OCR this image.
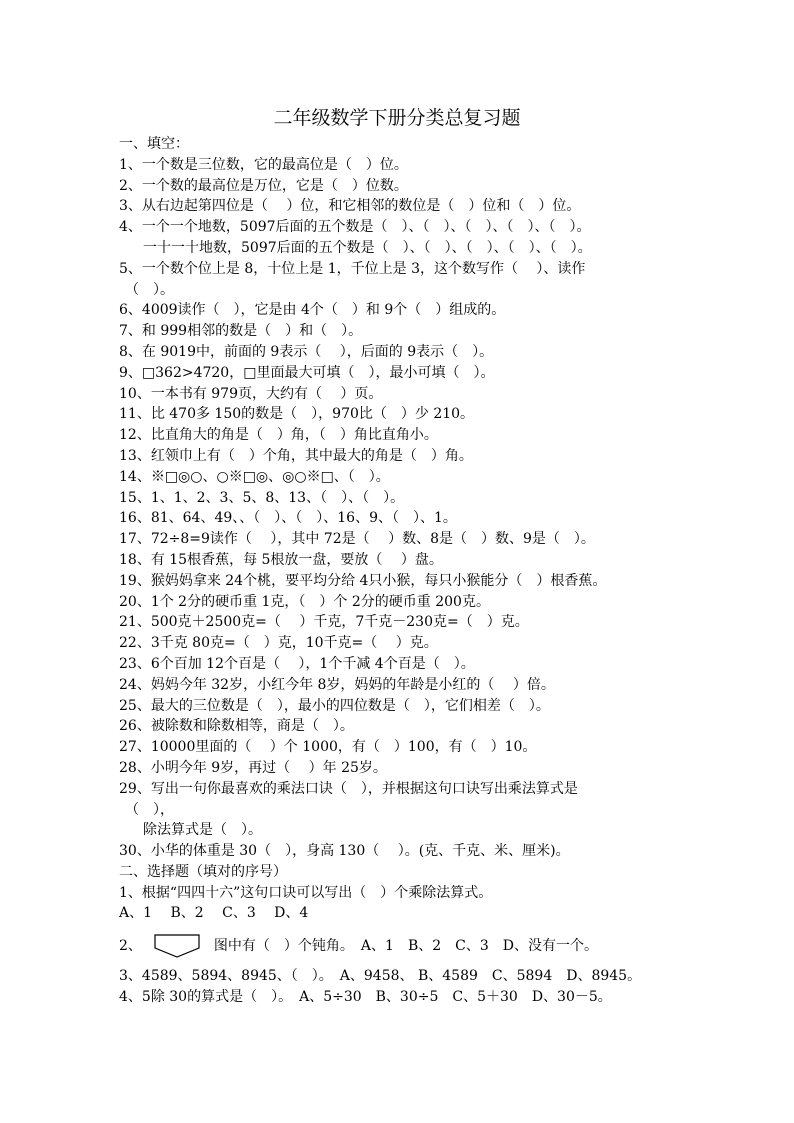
二年级数学下册分类总复习题
一、填空：
1、一个数是三位数，它的最高位是（　）位。
2、一个数的最高位是万位，它是（　）位数。
3、从右边起第四位是（　 ）位，和它相邻的数位是（　）位和（　）位。
4、一个一个地数，5097后面的五个数是（　）、（　）、（　）、（　）、（　）。
一十一十地数，5097后面的五个数是（　）、（　）、（　）、（　）、（　）。
5、一个数个位上是 8，十位上是 1，千位上是 3，这个数写作（　 ）、读作
（　）。
6、4009读作（　），它是由 4个（　）和 9个（　）组成的。
7、和 999相邻的数是（　）和（　）。
8、在 9019中，前面的 9表示（　 ），后面的 9表示（　）。
9、□362>4720，□里面最大可填（　），最小可填（　）。
10、一本书有 979页，大约有（　 ）页。
11、比 470多 150的数是（　），970比（　）少 210。
12、比直角大的角是（　）角，（　）角比直角小。
13、红领巾上有（　）个角，其中最大的角是（　）角。
14、※□◎○、○※□◎、◎○※□、（　）。
15、1、1、2、3、5、8、13、（　）、（　）。
16、81、64、49、、（　）、（　）、16、9、（　）、1。
17、72÷8=9读作（　 ），其中 72是（　 ）数、8是（　）数、9是（　）。
18、有 15根香蕉，每 5根放一盘，要放（　 ）盘。
19、猴妈妈拿来 24个桃，要平均分给 4只小猴，每只小猴能分（　）根香蕉。
20、1个 2分的硬币重 1克，（　）个 2分的硬币重 200克。
21、500克＋2500克=（　 ）千克，7千克－230克=（　）克。
22、3千克 80克=（　）克，10千克=（　 ）克。
23、6个百加 12个百是（　 ），1个千减 4个百是（　）。
24、妈妈今年 32岁，小红今年 8岁，妈妈的年龄是小红的（　 ）倍。
25、最大的三位数是（　），最小的四位数是（　），它们相差（　）。
26、被除数和除数相等，商是（　）。
27、10000里面的（　 ）个 1000，有（　）100，有（　）10。
28、小明今年 9岁，再过（　 ）年 25岁。
29、写出一句你最喜欢的乘法口诀（　），并根据这句口诀写出乘法算式是
（　），
除法算式是（　）。
30、小华的体重是 30（　），身高 130（　 ）。(克、千克、米、厘米)。
二、选择题（填对的序号）
1、根据“四四十六”这句口诀可以写出（　）个乘除法算式。
A、1　 B、2　 C、3　 D、4
2、	图中有（　）个钝角。　A、1　B、2　C、3　D、没有一个。
3、4589、5894、8945、（　）。　A、9458、 B、4589　C、5894　D、8945。
4、5除 30的算式是（　）。　A、5÷30　B、30÷5　C、5＋30　D、30－5。
